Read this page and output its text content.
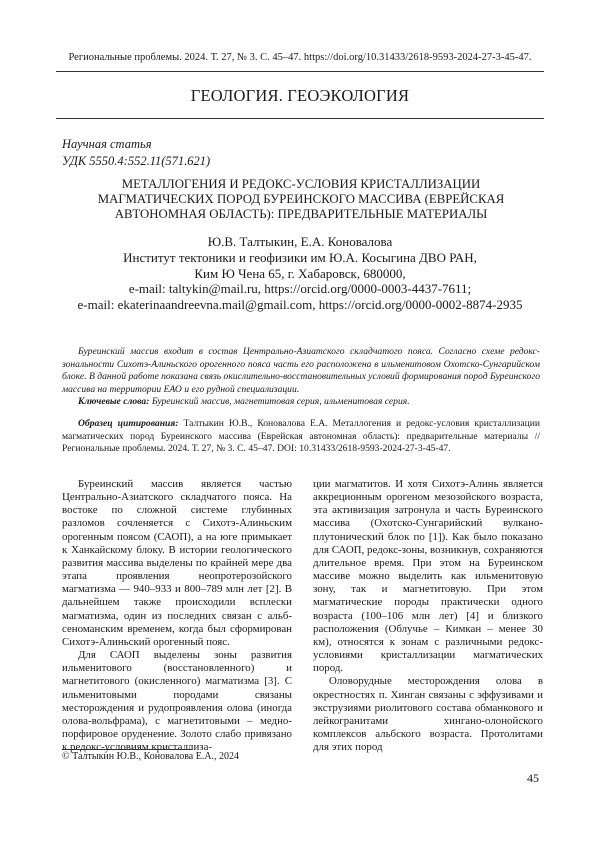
Региональные проблемы. 2024. Т. 27, № 3. С. 45–47. https://doi.org/10.31433/2618-9593-2024-27-3-45-47.
ГЕОЛОГИЯ. ГЕОЭКОЛОГИЯ
Научная статья
УДК 5550.4:552.11(571.621)
МЕТАЛЛОГЕНИЯ И РЕДОКС-УСЛОВИЯ КРИСТАЛЛИЗАЦИИ МАГМАТИЧЕСКИХ ПОРОД БУРЕИНСКОГО МАССИВА (ЕВРЕЙСКАЯ АВТОНОМНАЯ ОБЛАСТЬ): ПРЕДВАРИТЕЛЬНЫЕ МАТЕРИАЛЫ
Ю.В. Талтыкин, Е.А. Коновалова
Институт тектоники и геофизики им Ю.А. Косыгина ДВО РАН,
Ким Ю Чена 65, г. Хабаровск, 680000,
e-mail: taltykin@mail.ru, https://orcid.org/0000-0003-4437-7611;
e-mail: ekaterinaandreevna.mail@gmail.com, https://orcid.org/0000-0002-8874-2935
Буреинский массив входит в состав Центрально-Азиатского складчатого пояса. Согласно схеме редокс-зональности Сихотэ-Алиньского орогенного пояса часть его расположена в ильменитовом Охотско-Сунгарийском блоке. В данной работе показана связь окислительно-восстановительных условий формирования пород Буреинского массива на территории ЕАО и его рудной специализации.
Ключевые слова: Буреинский массив, магнетитовая серия, ильменитовая серия.
Образец цитирования: Талтыкин Ю.В., Коновалова Е.А. Металлогения и редокс-условия кристаллизации магматических пород Буреинского массива (Еврейская автономная область): предварительные материалы // Региональные проблемы. 2024. Т. 27, № 3. С. 45–47. DOI: 10.31433/2618-9593-2024-27-3-45-47.

Буреинский массив является частью Центрально-Азиатского складчатого пояса. На востоке по сложной системе глубинных разломов сочленяется с Сихотэ-Алиньским орогенным поясом (САОП), а на юге примыкает к Ханкайскому блоку. В истории геологического развития массива выделены по крайней мере два этапа проявления неопротерозойского магматизма — 940–933 и 800–789 млн лет [2]. В дальнейшем также происходили всплески магматизма, один из последних связан с альб-сеноманским временем, когда был сформирован Сихотэ-Алиньский орогенный пояс.

Для САОП выделены зоны развития ильменитового (восстановленного) и магнетитового (окисленного) магматизма [3]. С ильменитовыми породами связаны месторождения и рудопроявления олова (иногда олова-вольфрама), с магнетитовыми – медно-порфировое оруденение. Золото слабо привязано к редокс-условиям кристаллиза-

ции магматитов. И хотя Сихотэ-Алинь является аккреционным орогеном мезозойского возраста, эта активизация затронула и часть Буреинского массива (Охотско-Сунгарийский вулкано-плутонический блок по [1]). Как было показано для САОП, редокс-зоны, возникнув, сохраняются длительное время. При этом на Буреинском массиве можно выделить как ильменитовую зону, так и магнетитовую. При этом магматические породы практически одного возраста (100–106 млн лет) [4] и близкого расположения (Облучье – Кимкан – менее 30 км), относятся к зонам с различными редокс-условиями кристаллизации магматических пород.

Оловорудные месторождения олова в окрестностях п. Хинган связаны с эффузивами и экструзиями риолитового состава обманкового и лейкогранитами хинганo-олонойского комплексов альбского возраста. Протолитами для этих пород

© Талтыкин Ю.В., Коновалова Е.А., 2024
45
